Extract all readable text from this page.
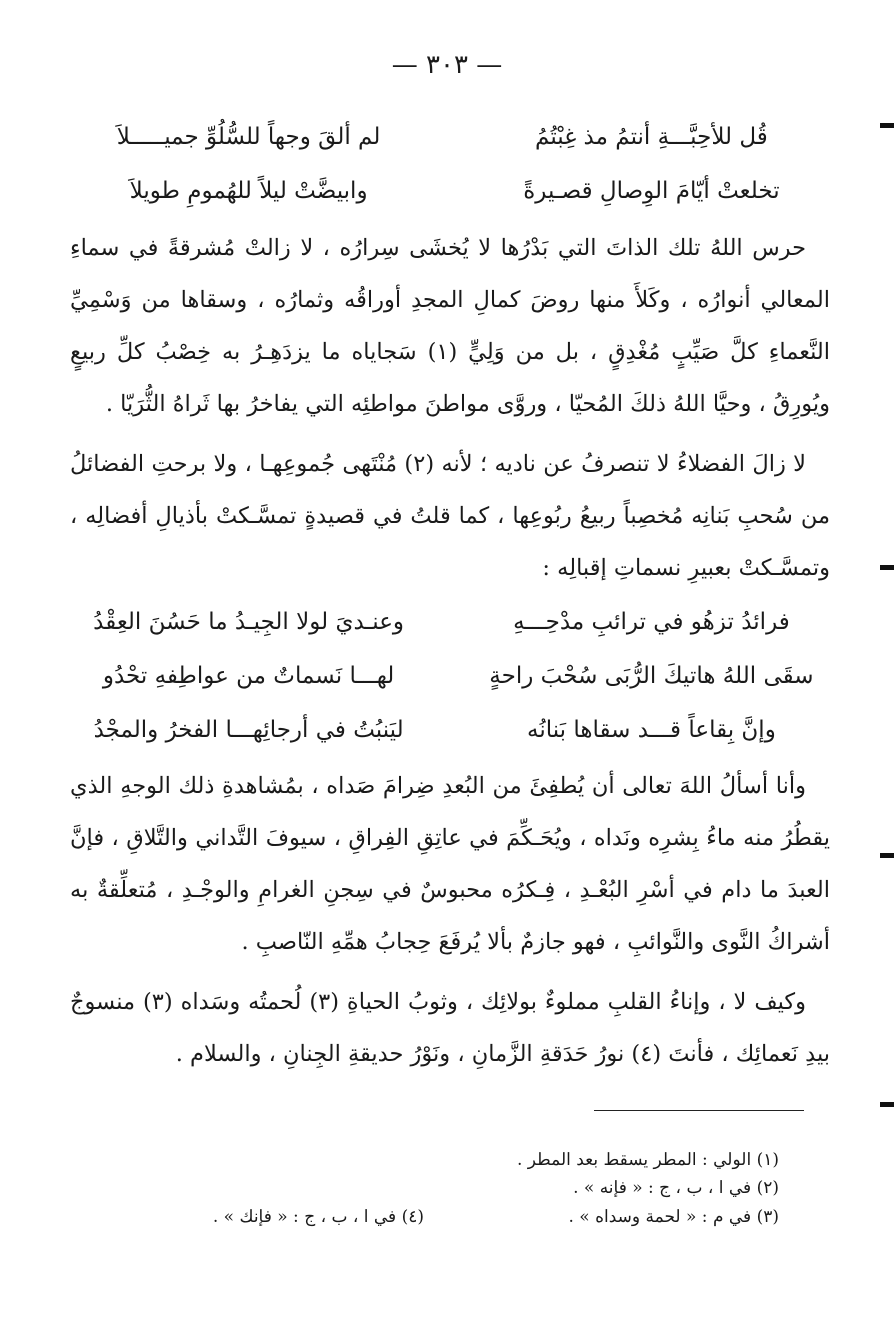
— ٣٠٣ —
قُل للأحِبَّـــةِ أنتمُ مذ غِبْتُمُ
لم ألقَ وجهاً للسُّلُوِّ جميـــــلاَ
تخلعتْ أيّامَ الوِصالِ قصـيرةً
وابيضَّتْ ليلاً للهُمومِ طويلاَ

حرس اللهُ تلك الذاتَ التي بَدْرُها لا يُخشَى سِرارُه ، لا زالتْ مُشرقةً في سماءِ المعالي أنوارُه ، وكَلأَ منها روضَ كمالِ المجدِ أوراقُه وثمارُه ، وسقاها من وَسْمِيِّ النَّعماءِ كلَّ صَيِّبٍ مُغْدِقٍ ، بل من وَلِيٍّ (١) سَجاياه ما يزدَهِـرُ به خِصْبُ كلِّ ربيعٍ ويُورِقُ ، وحيَّا اللهُ ذلكَ المُحيّا ، وروَّى مواطنَ مواطئِه التي يفاخرُ بها ثَراهُ الثُّرَيّا .

لا زالَ الفضلاءُ لا تنصرفُ عن ناديه ؛ لأنه (٢) مُنْتَهى جُموعِهـا ، ولا برحتِ الفضائلُ من سُحبِ بَنانِه مُخصِباً ربيعُ ربُوعِها ، كما قلتُ في قصيدةٍ تمسَّـكتْ بأذيالِ أفضالِه ، وتمسَّـكتْ بعبيرِ نسماتِ إقبالِه :

فرائدُ تزهُو في ترائبِ مدْحِـــهِ
وعنـديَ لولا الجِيـدُ ما حَسُنَ العِقْدُ
سقَى اللهُ هاتيكَ الرُّبَى سُحْبَ راحةٍ
لهـــا نَسماتٌ من عواطِفهِ تحْدُو
وإنَّ بِقاعاً قـــد سقاها بَنانُه
ليَنبُتُ في أرجائِهـــا الفخرُ والمجْدُ

وأنا أسألُ اللهَ تعالى أن يُطفِئَ من البُعدِ ضِرامَ صَداه ، بمُشاهدةِ ذلك الوجهِ الذي يقطُرُ منه ماءُ بِشرِه ونَداه ، ويُحَـكِّمَ في عاتِقِ الفِراقِ ، سيوفَ التَّداني والتَّلاقِ ، فإنَّ العبدَ ما دام في أسْرِ البُعْـدِ ، فِـكرُه محبوسٌ في سِجنِ الغرامِ والوجْـدِ ، مُتعلِّقةٌ به أشراكُ النَّوى والنَّوائبِ ، فهو جازمٌ بألا يُرفَعَ حِجابُ همِّهِ النّاصبِ .

وكيف لا ، وإناءُ القلبِ مملوءٌ بولائِك ، وثوبُ الحياةِ (٣) لُحمتُه وسَداه (٣) منسوجٌ بيدِ نَعمائِك ، فأنتَ (٤) نورُ حَدَقةِ الزَّمانِ ، ونَوْرُ حديقةِ الجِنانِ ، والسلام .

(١) الولي : المطر يسقط بعد المطر .
(٢) في ا ، ب ، ج : « فإنه » .
(٣) في م : « لحمة وسداه » .
(٤) في ا ، ب ، ج : « فإنك » .
